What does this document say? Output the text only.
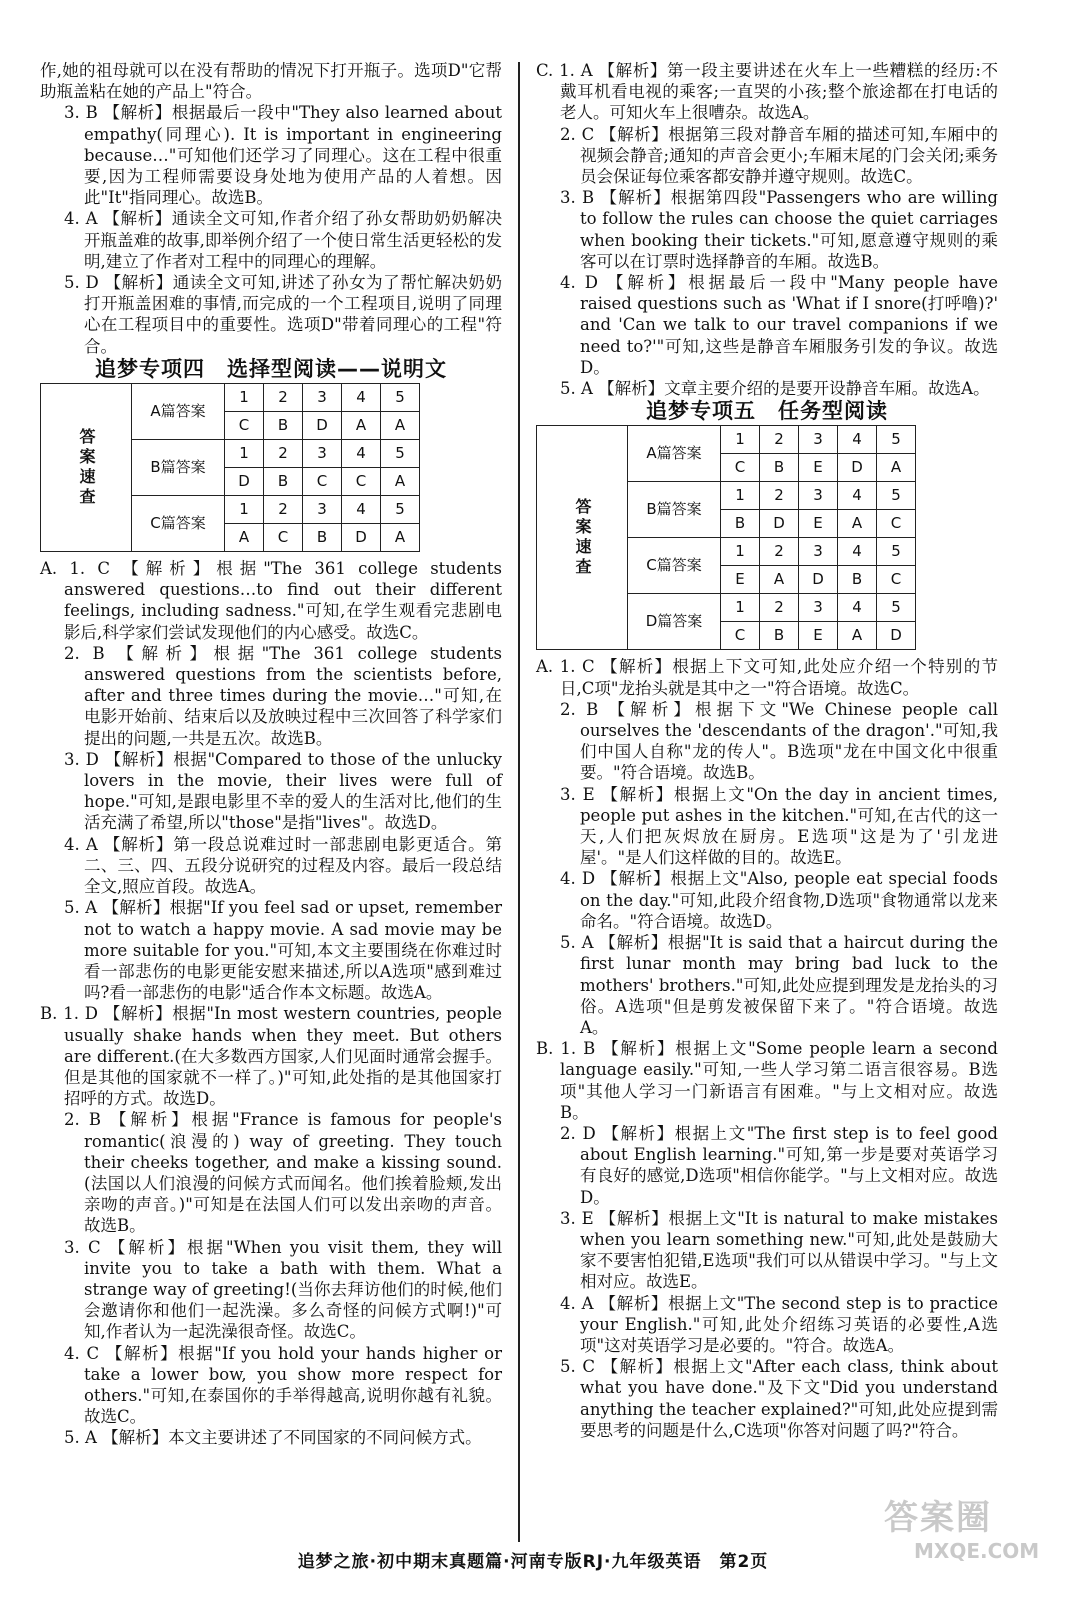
作,她的祖母就可以在没有帮助的情况下打开瓶子。选项D"它帮助瓶盖粘在她的产品上"符合。
3. B 【解析】根据最后一段中"They also learned about empathy(同理心). It is important in engineering because…"可知他们还学习了同理心。这在工程中很重要,因为工程师需要设身处地为使用产品的人着想。因此"It"指同理心。故选B。
4. A 【解析】通读全文可知,作者介绍了孙女帮助奶奶解决开瓶盖难的故事,即举例介绍了一个使日常生活更轻松的发明,建立了作者对工程中的同理心的理解。
5. D 【解析】通读全文可知,讲述了孙女为了帮忙解决奶奶打开瓶盖困难的事情,而完成的一个工程项目,说明了同理心在工程项目中的重要性。选项D"带着同理心的工程"符合。
追梦专项四　选择型阅读——说明文
答案速查	A篇答案	1	2	3	4	5
		C	B	D	A	A
	B篇答案	1	2	3	4	5
		D	B	C	C	A
	C篇答案	1	2	3	4	5
		A	C	B	D	A
A. 1. C 【解析】根据"The 361 college students answered questions…to find out their different feelings, including sadness."可知,在学生观看完悲剧电影后,科学家们尝试发现他们的内心感受。故选C。
2. B 【解析】根据"The 361 college students answered questions from the scientists before, after and three times during the movie…"可知,在电影开始前、结束后以及放映过程中三次回答了科学家们提出的问题,一共是五次。故选B。
3. D 【解析】根据"Compared to those of the unlucky lovers in the movie, their lives were full of hope."可知,是跟电影里不幸的爱人的生活对比,他们的生活充满了希望,所以"those"是指"lives"。故选D。
4. A 【解析】第一段总说难过时一部悲剧电影更适合。第二、三、四、五段分说研究的过程及内容。最后一段总结全文,照应首段。故选A。
5. A 【解析】根据"If you feel sad or upset, remember not to watch a happy movie. A sad movie may be more suitable for you."可知,本文主要围绕在你难过时看一部悲伤的电影更能安慰来描述,所以A选项"感到难过吗?看一部悲伤的电影"适合作本文标题。故选A。
B. 1. D 【解析】根据"In most western countries, people usually shake hands when they meet. But others are different.(在大多数西方国家,人们见面时通常会握手。但是其他的国家就不一样了。)"可知,此处指的是其他国家打招呼的方式。故选D。
2. B 【解析】根据"France is famous for people's romantic(浪漫的) way of greeting. They touch their cheeks together, and make a kissing sound.(法国以人们浪漫的问候方式而闻名。他们挨着脸颊,发出亲吻的声音。)"可知是在法国人们可以发出亲吻的声音。故选B。
3. C 【解析】根据"When you visit them, they will invite you to take a bath with them. What a strange way of greeting!(当你去拜访他们的时候,他们会邀请你和他们一起洗澡。多么奇怪的问候方式啊!)"可知,作者认为一起洗澡很奇怪。故选C。
4. C 【解析】根据"If you hold your hands higher or take a lower bow, you show more respect for others."可知,在泰国你的手举得越高,说明你越有礼貌。故选C。
5. A 【解析】本文主要讲述了不同国家的不同问候方式。
C. 1. A 【解析】第一段主要讲述在火车上一些糟糕的经历:不戴耳机看电视的乘客;一直哭的小孩;整个旅途都在打电话的老人。可知火车上很嘈杂。故选A。
2. C 【解析】根据第三段对静音车厢的描述可知,车厢中的视频会静音;通知的声音会更小;车厢末尾的门会关闭;乘务员会保证每位乘客都安静并遵守规则。故选C。
3. B 【解析】根据第四段"Passengers who are willing to follow the rules can choose the quiet carriages when booking their tickets."可知,愿意遵守规则的乘客可以在订票时选择静音的车厢。故选B。
4. D 【解析】根据最后一段中"Many people have raised questions such as 'What if I snore(打呼噜)?' and 'Can we talk to our travel companions if we need to?'"可知,这些是静音车厢服务引发的争议。故选D。
5. A 【解析】文章主要介绍的是要开设静音车厢。故选A。
追梦专项五　任务型阅读
答案速查	A篇答案	1	2	3	4	5
		C	B	E	D	A
	B篇答案	1	2	3	4	5
		B	D	E	A	C
	C篇答案	1	2	3	4	5
		E	A	D	B	C
	D篇答案	1	2	3	4	5
		C	B	E	A	D
A. 1. C 【解析】根据上下文可知,此处应介绍一个特别的节日,C项"龙抬头就是其中之一"符合语境。故选C。
2. B 【解析】根据下文"We Chinese people call ourselves the 'descendants of the dragon'."可知,我们中国人自称"龙的传人"。B选项"龙在中国文化中很重要。"符合语境。故选B。
3. E 【解析】根据上文"On the day in ancient times, people put ashes in the kitchen."可知,在古代的这一天,人们把灰烬放在厨房。E选项"这是为了'引龙进屋'。"是人们这样做的目的。故选E。
4. D 【解析】根据上文"Also, people eat special foods on the day."可知,此段介绍食物,D选项"食物通常以龙来命名。"符合语境。故选D。
5. A 【解析】根据"It is said that a haircut during the first lunar month may bring bad luck to the mothers' brothers."可知,此处应提到理发是龙抬头的习俗。A选项"但是剪发被保留下来了。"符合语境。故选A。
B. 1. B 【解析】根据上文"Some people learn a second language easily."可知,一些人学习第二语言很容易。B选项"其他人学习一门新语言有困难。"与上文相对应。故选B。
2. D 【解析】根据上文"The first step is to feel good about English learning."可知,第一步是要对英语学习有良好的感觉,D选项"相信你能学。"与上文相对应。故选D。
3. E 【解析】根据上文"It is natural to make mistakes when you learn something new."可知,此处是鼓励大家不要害怕犯错,E选项"我们可以从错误中学习。"与上文相对应。故选E。
4. A 【解析】根据上文"The second step is to practice your English."可知,此处介绍练习英语的必要性,A选项"这对英语学习是必要的。"符合。故选A。
5. C 【解析】根据上文"After each class, think about what you have done."及下文"Did you understand anything the teacher explained?"可知,此处应提到需要思考的问题是什么,C选项"你答对问题了吗?"符合。
追梦之旅·初中期末真题篇·河南专版RJ·九年级英语　第2页
答案圈
MXQE.COM
